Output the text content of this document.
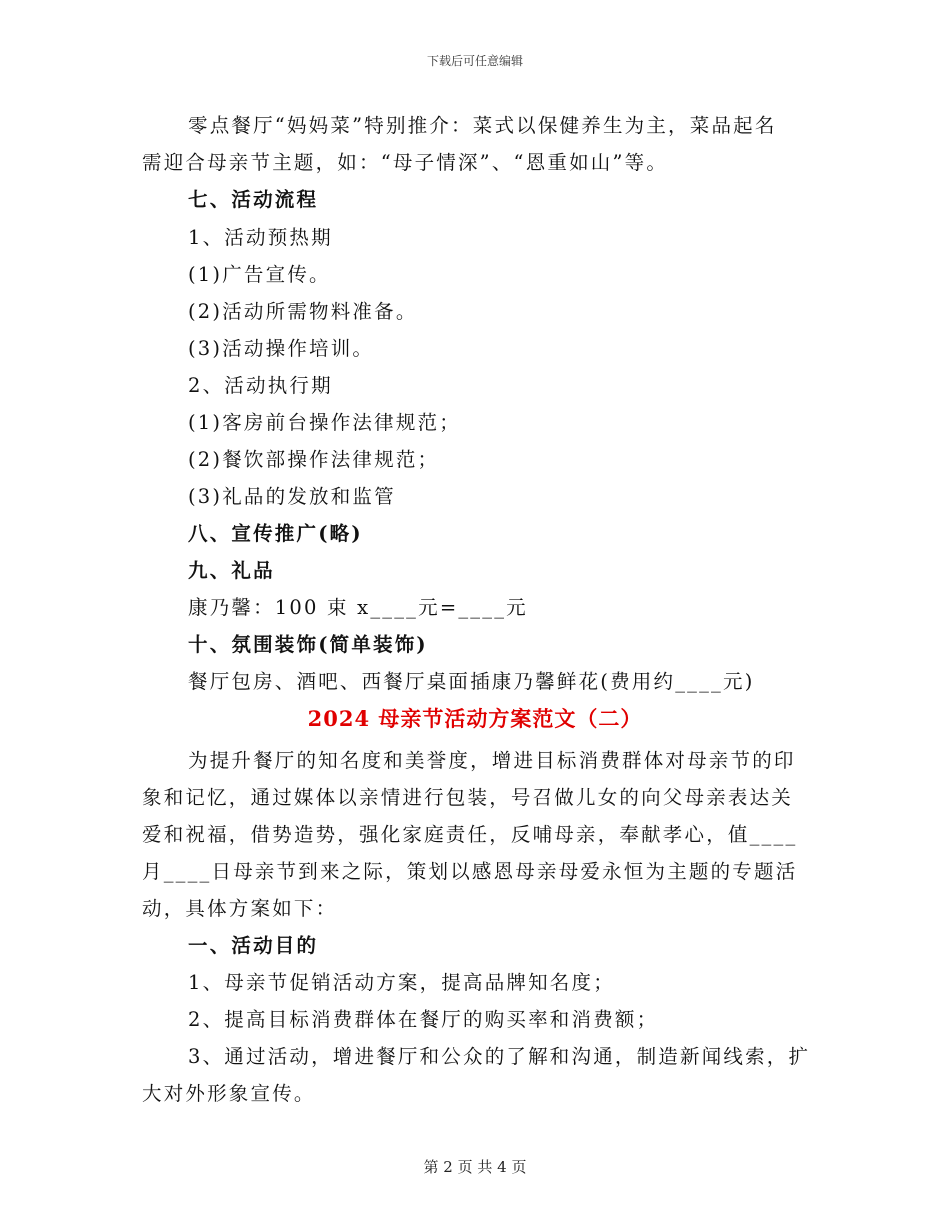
下载后可任意编辑
零点餐厅“妈妈菜”特别推介：菜式以保健养生为主，菜品起名
需迎合母亲节主题，如：“母子情深”、“恩重如山”等。
七、活动流程
1、活动预热期
(1)广告宣传。
(2)活动所需物料准备。
(3)活动操作培训。
2、活动执行期
(1)客房前台操作法律规范；
(2)餐饮部操作法律规范；
(3)礼品的发放和监管
八、宣传推广(略)
九、礼品
康乃馨：100 束 x____元=____元
十、氛围装饰(简单装饰)
餐厅包房、酒吧、西餐厅桌面插康乃馨鲜花(费用约____元)
2024 母亲节活动方案范文（二）
为提升餐厅的知名度和美誉度，增进目标消费群体对母亲节的印
象和记忆，通过媒体以亲情进行包装，号召做儿女的向父母亲表达关
爱和祝福，借势造势，强化家庭责任，反哺母亲，奉献孝心，值____
月____日母亲节到来之际，策划以感恩母亲母爱永恒为主题的专题活
动，具体方案如下：
一、活动目的
1、母亲节促销活动方案，提高品牌知名度；
2、提高目标消费群体在餐厅的购买率和消费额；
3、通过活动，增进餐厅和公众的了解和沟通，制造新闻线索，扩
大对外形象宣传。
第 2 页 共 4 页
